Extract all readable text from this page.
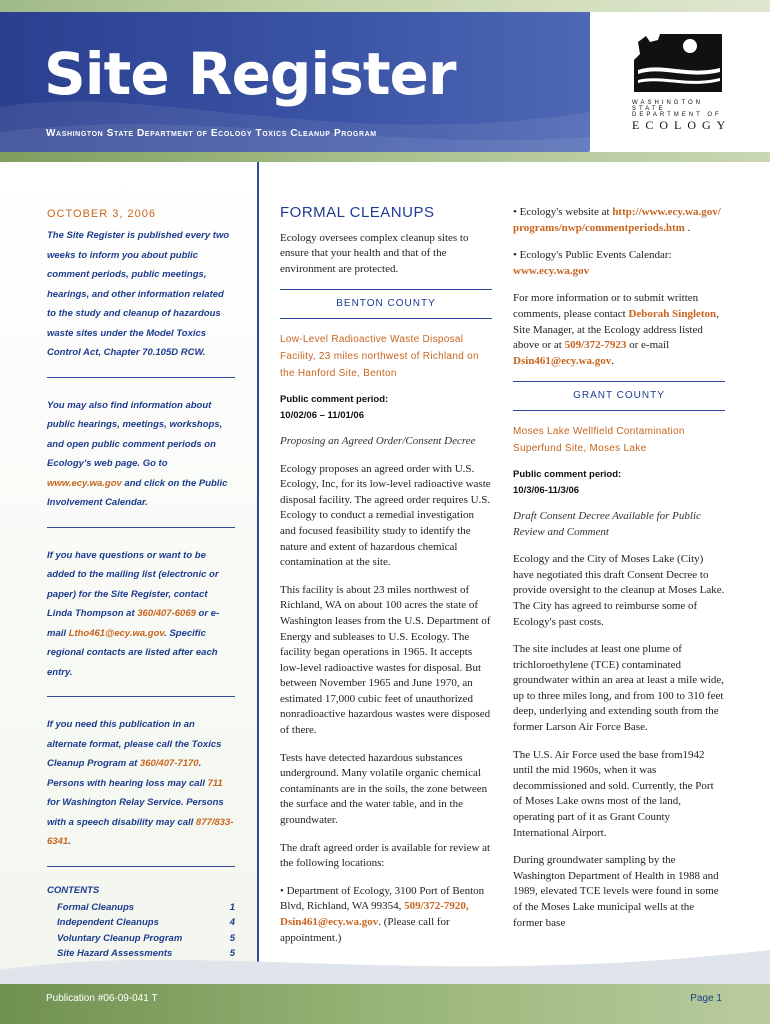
Site Register
Washington State Department of Ecology Toxics Cleanup Program
WASHINGTON STATE
DEPARTMENT OF
ECOLOGY
OCTOBER 3, 2006

The Site Register is published every two weeks to inform you about public comment periods, public meetings, hearings, and other information related to the study and cleanup of hazardous waste sites under the Model Toxics Control Act, Chapter 70.105D RCW.

You may also find information about public hearings, meetings, workshops, and open public comment periods on Ecology's web page. Go to www.ecy.wa.gov and click on the Public Involvement Calendar.

If you have questions or want to be added to the mailing list (electronic or paper) for the Site Register, contact Linda Thompson at 360/407-6069 or e-mail Ltho461@ecy.wa.gov. Specific regional contacts are listed after each entry.

If you need this publication in an alternate format, please call the Toxics Cleanup Program at 360/407-7170. Persons with hearing loss may call 711 for Washington Relay Service. Persons with a speech disability may call 877/833-6341.

CONTENTS
Formal Cleanups	1
Independent Cleanups	4
Voluntary Cleanup Program	5
Site Hazard Assessments	5
FORMAL CLEANUPS

Ecology oversees complex cleanup sites to ensure that your health and that of the environment are protected.

BENTON COUNTY
Low-Level Radioactive Waste Disposal Facility, 23 miles northwest of Richland on the Hanford Site, Benton
Public comment period:
10/02/06 – 11/01/06

Proposing an Agreed Order/Consent Decree

Ecology proposes an agreed order with U.S. Ecology, Inc, for its low-level radioactive waste disposal facility. The agreed order requires U.S. Ecology to conduct a remedial investigation and focused feasibility study to identify the nature and extent of hazardous chemical contamination at the site.

This facility is about 23 miles northwest of Richland, WA on about 100 acres the state of Washington leases from the U.S. Department of Energy and subleases to U.S. Ecology. The facility began operations in 1965. It accepts low-level radioactive wastes for disposal. But between November 1965 and June 1970, an estimated 17,000 cubic feet of unauthorized nonradioactive hazardous wastes were disposed of there.

Tests have detected hazardous substances underground. Many volatile organic chemical contaminants are in the soils, the zone between the surface and the water table, and in the groundwater.

The draft agreed order is available for review at the following locations:

• Department of Ecology, 3100 Port of Benton Blvd, Richland, WA 99354, 509/372-7920, Dsin461@ecy.wa.gov. (Please call for appointment.)

• Ecology's website at http://www.ecy.wa.gov/programs/nwp/commentperiods.htm .

• Ecology's Public Events Calendar: www.ecy.wa.gov

For more information or to submit written comments, please contact Deborah Singleton, Site Manager, at the Ecology address listed above or at 509/372-7923 or e-mail Dsin461@ecy.wa.gov.

GRANT COUNTY
Moses Lake Wellfield Contamination Superfund Site, Moses Lake
Public comment period:
10/3/06-11/3/06

Draft Consent Decree Available for Public Review and Comment

Ecology and the City of Moses Lake (City) have negotiated this draft Consent Decree to provide oversight to the cleanup at Moses Lake. The City has agreed to reimburse some of Ecology's past costs.

The site includes at least one plume of trichloroethylene (TCE) contaminated groundwater within an area at least a mile wide, up to three miles long, and from 100 to 310 feet deep, underlying and extending south from the former Larson Air Force Base.

The U.S. Air Force used the base from1942 until the mid 1960s, when it was decommissioned and sold. Currently, the Port of Moses Lake owns most of the land, operating part of it as Grant County International Airport.

During groundwater sampling by the Washington Department of Health in 1988 and 1989, elevated TCE levels were found in some of the Moses Lake municipal wells at the former base

Publication #06-09-041 T	Page 1
